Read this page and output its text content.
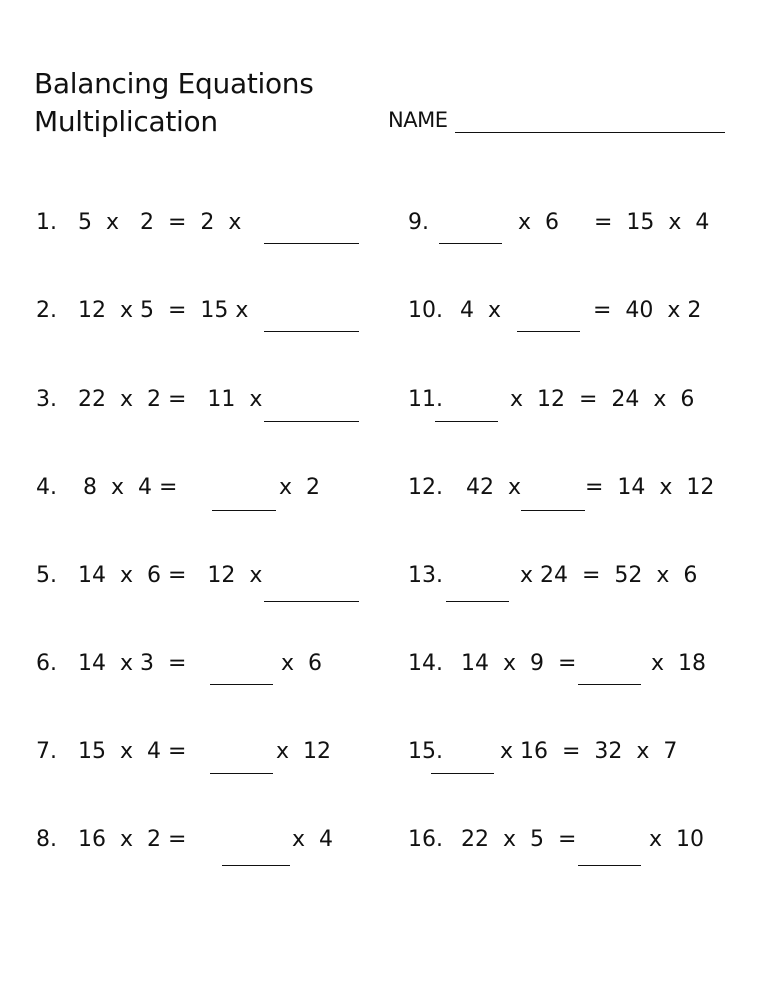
Balancing Equations
Multiplication	NAME
1. 5  x   2  =  2  x
2. 12  x 5  =  15 x
3. 22  x  2 =   11  x
4. 8  x  4 =	x  2
5. 14  x  6 =   12  x
6. 14  x 3  =	x  6
7. 15  x  4 =	x  12
8. 16  x  2 =	x  4
9.	x  6     =  15  x  4
10. 4  x	=  40  x 2
11.	x  12  =  24  x  6
12. 42  x	=  14  x  12
13.	x 24  =  52  x  6
14. 14  x  9  =	x  18
15.	x 16  =  32  x  7
16. 22  x  5  =	x  10
